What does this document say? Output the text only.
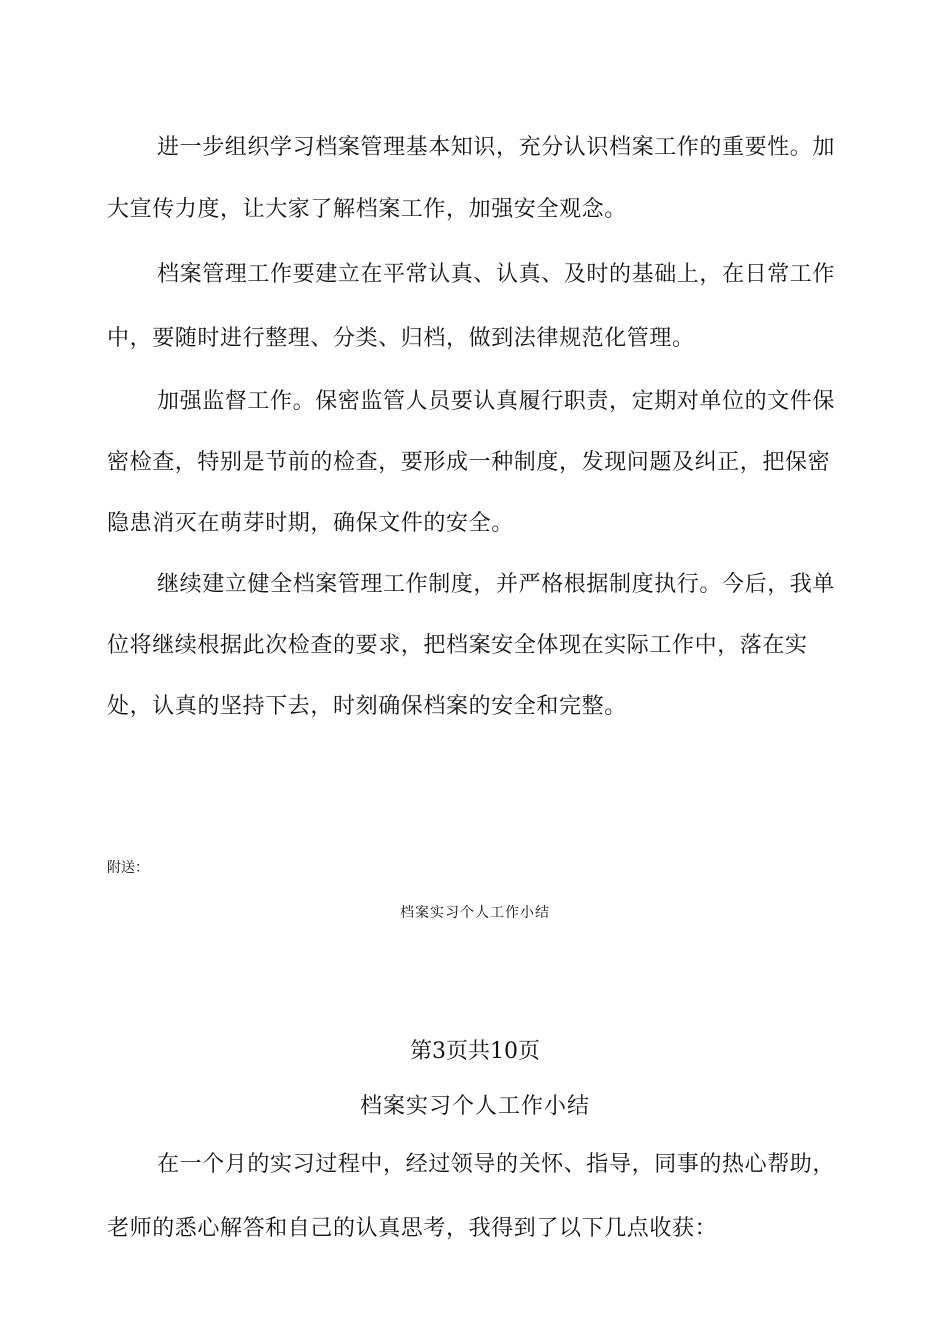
进一步组织学习档案管理基本知识，充分认识档案工作的重要性。加
大宣传力度，让大家了解档案工作，加强安全观念。
档案管理工作要建立在平常认真、认真、及时的基础上，在日常工作
中，要随时进行整理、分类、归档，做到法律规范化管理。
加强监督工作。保密监管人员要认真履行职责，定期对单位的文件保
密检查，特别是节前的检查，要形成一种制度，发现问题及纠正，把保密
隐患消灭在萌芽时期，确保文件的安全。
继续建立健全档案管理工作制度，并严格根据制度执行。今后，我单
位将继续根据此次检查的要求，把档案安全体现在实际工作中，落在实
处，认真的坚持下去，时刻确保档案的安全和完整。
附送：
档案实习个人工作小结
第3页共10页
档案实习个人工作小结
在一个月的实习过程中，经过领导的关怀、指导，同事的热心帮助，
老师的悉心解答和自己的认真思考，我得到了以下几点收获：
